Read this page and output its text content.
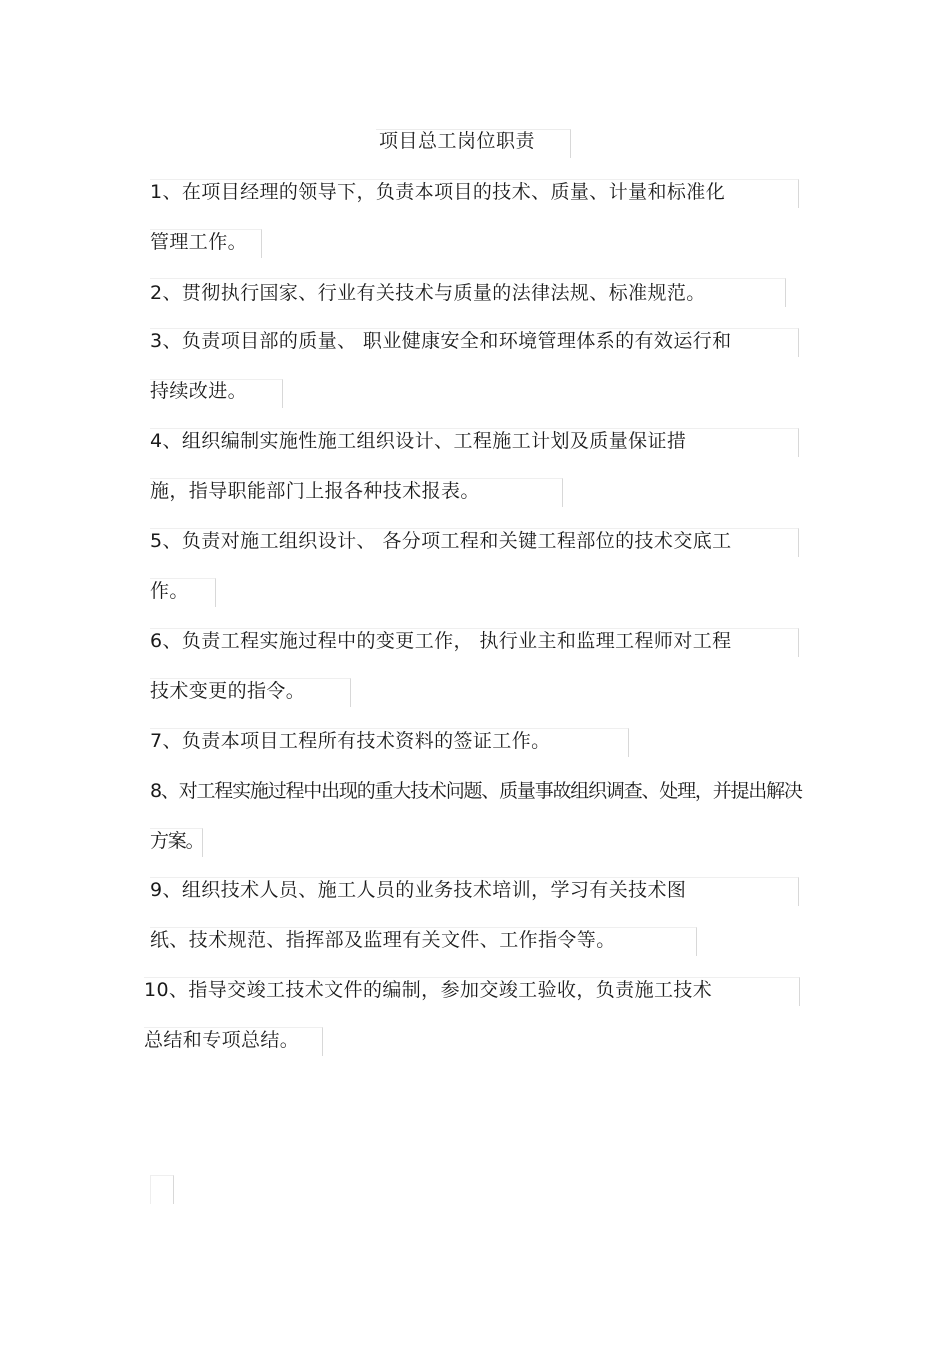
项目总工岗位职责
1、在项目经理的领导下，负责本项目的技术、质量、计量和标准化
管理工作。
2、贯彻执行国家、行业有关技术与质量的法律法规、标准规范。
3、负责项目部的质量、 职业健康安全和环境管理体系的有效运行和
持续改进。
4、组织编制实施性施工组织设计、工程施工计划及质量保证措
施，指导职能部门上报各种技术报表。
5、负责对施工组织设计、 各分项工程和关键工程部位的技术交底工
作。
6、负责工程实施过程中的变更工作， 执行业主和监理工程师对工程
技术变更的指令。
7、负责本项目工程所有技术资料的签证工作。
8、对工程实施过程中出现的重大技术问题、质量事故组织调查、处理，并提出解决
方案。
9、组织技术人员、施工人员的业务技术培训，学习有关技术图
纸、技术规范、指挥部及监理有关文件、工作指令等。
10、指导交竣工技术文件的编制，参加交竣工验收，负责施工技术
总结和专项总结。
